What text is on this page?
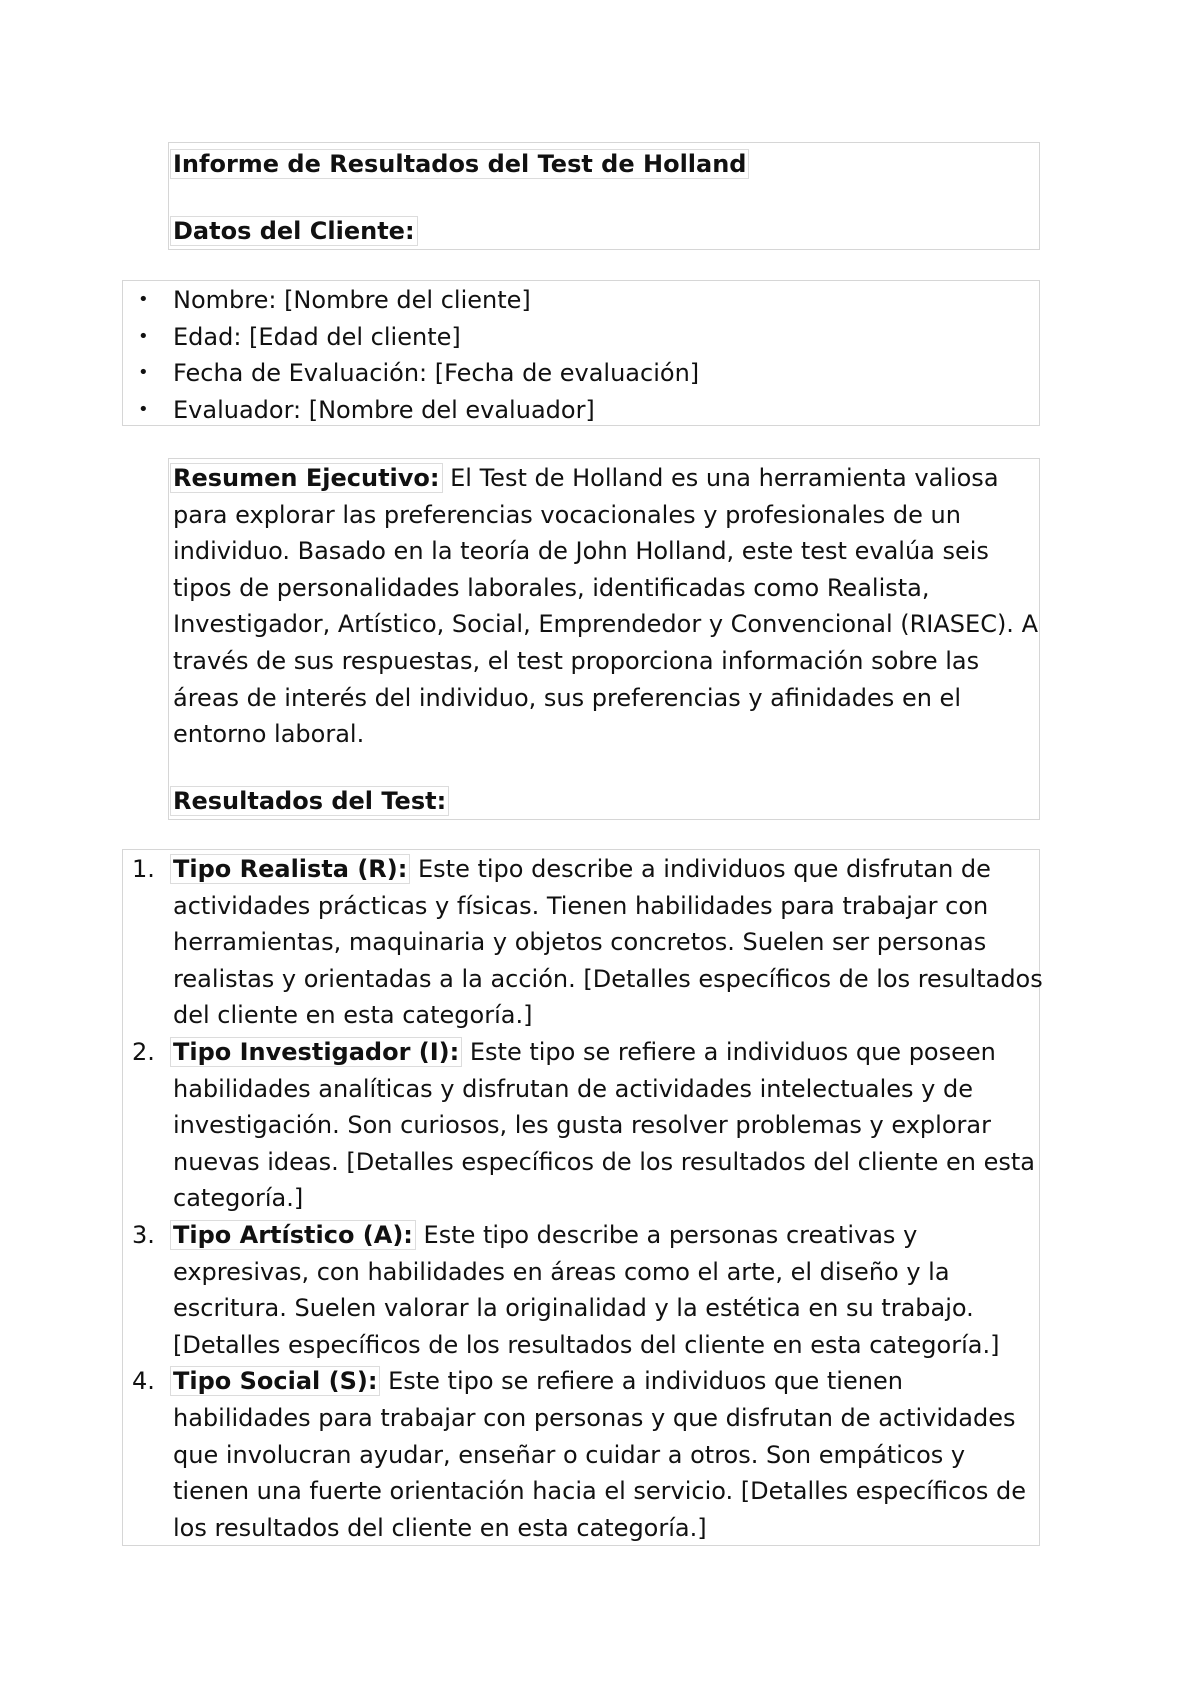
Informe de Resultados del Test de Holland

Datos del Cliente:

• Nombre: [Nombre del cliente]
• Edad: [Edad del cliente]
• Fecha de Evaluación: [Fecha de evaluación]
• Evaluador: [Nombre del evaluador]

Resumen Ejecutivo: El Test de Holland es una herramienta valiosa para explorar las preferencias vocacionales y profesionales de un individuo. Basado en la teoría de John Holland, este test evalúa seis tipos de personalidades laborales, identificadas como Realista, Investigador, Artístico, Social, Emprendedor y Convencional (RIASEC). A través de sus respuestas, el test proporciona información sobre las áreas de interés del individuo, sus preferencias y afinidades en el entorno laboral.

Resultados del Test:

1. Tipo Realista (R): Este tipo describe a individuos que disfrutan de actividades prácticas y físicas. Tienen habilidades para trabajar con herramientas, maquinaria y objetos concretos. Suelen ser personas realistas y orientadas a la acción. [Detalles específicos de los resultados del cliente en esta categoría.]
2. Tipo Investigador (I): Este tipo se refiere a individuos que poseen habilidades analíticas y disfrutan de actividades intelectuales y de investigación. Son curiosos, les gusta resolver problemas y explorar nuevas ideas. [Detalles específicos de los resultados del cliente en esta categoría.]
3. Tipo Artístico (A): Este tipo describe a personas creativas y expresivas, con habilidades en áreas como el arte, el diseño y la escritura. Suelen valorar la originalidad y la estética en su trabajo. [Detalles específicos de los resultados del cliente en esta categoría.]
4. Tipo Social (S): Este tipo se refiere a individuos que tienen habilidades para trabajar con personas y que disfrutan de actividades que involucran ayudar, enseñar o cuidar a otros. Son empáticos y tienen una fuerte orientación hacia el servicio. [Detalles específicos de los resultados del cliente en esta categoría.]
